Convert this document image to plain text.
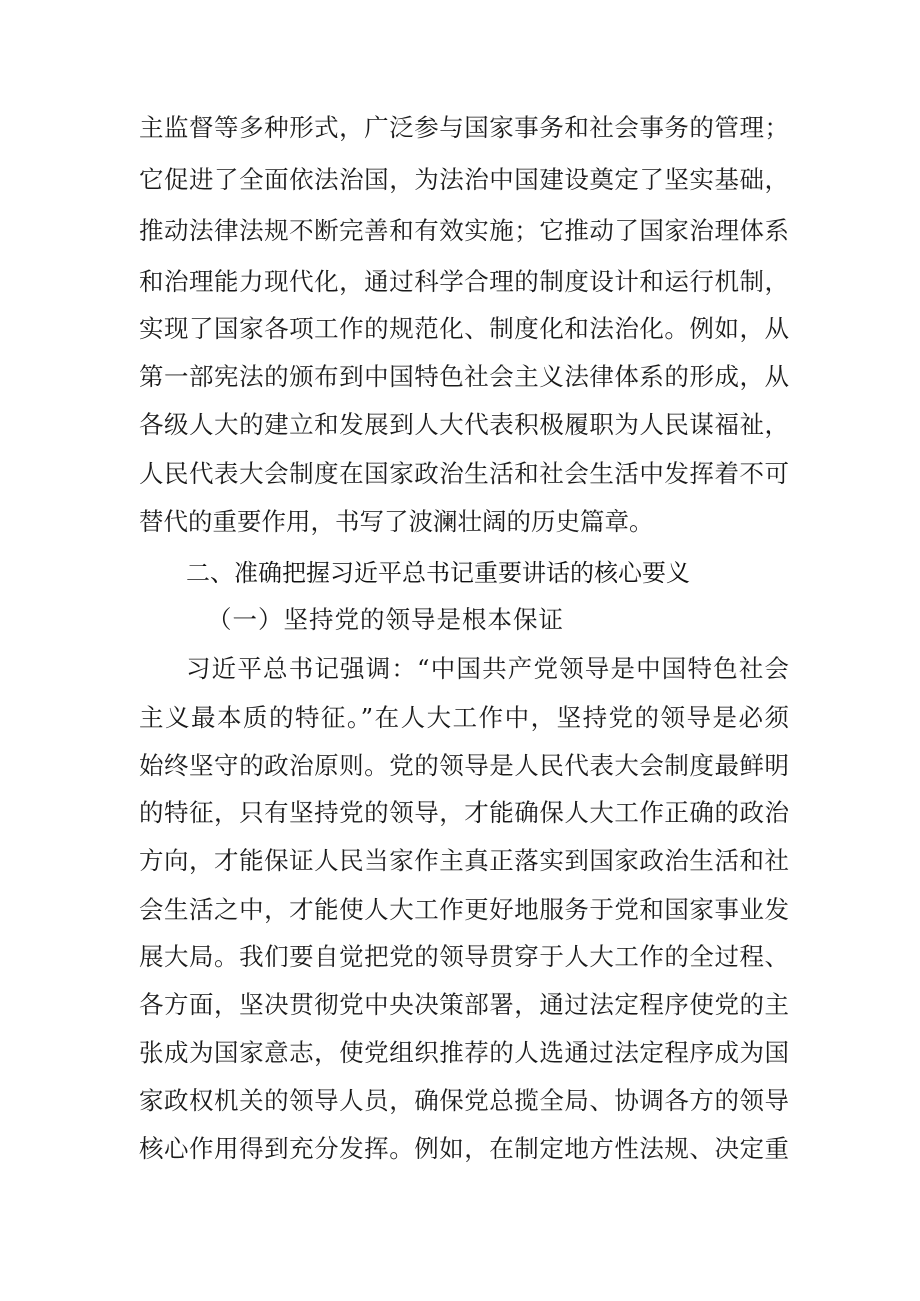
主监督等多种形式，广泛参与国家事务和社会事务的管理；
它促进了全面依法治国，为法治中国建设奠定了坚实基础，
推动法律法规不断完善和有效实施；它推动了国家治理体系
和治理能力现代化，通过科学合理的制度设计和运行机制，
实现了国家各项工作的规范化、制度化和法治化。例如，从
第一部宪法的颁布到中国特色社会主义法律体系的形成，从
各级人大的建立和发展到人大代表积极履职为人民谋福祉，
人民代表大会制度在国家政治生活和社会生活中发挥着不可
替代的重要作用，书写了波澜壮阔的历史篇章。
二、准确把握习近平总书记重要讲话的核心要义
（一）坚持党的领导是根本保证
习近平总书记强调：“中国共产党领导是中国特色社会
主义最本质的特征。”在人大工作中，坚持党的领导是必须
始终坚守的政治原则。党的领导是人民代表大会制度最鲜明
的特征，只有坚持党的领导，才能确保人大工作正确的政治
方向，才能保证人民当家作主真正落实到国家政治生活和社
会生活之中，才能使人大工作更好地服务于党和国家事业发
展大局。我们要自觉把党的领导贯穿于人大工作的全过程、
各方面，坚决贯彻党中央决策部署，通过法定程序使党的主
张成为国家意志，使党组织推荐的人选通过法定程序成为国
家政权机关的领导人员，确保党总揽全局、协调各方的领导
核心作用得到充分发挥。例如，在制定地方性法规、决定重
